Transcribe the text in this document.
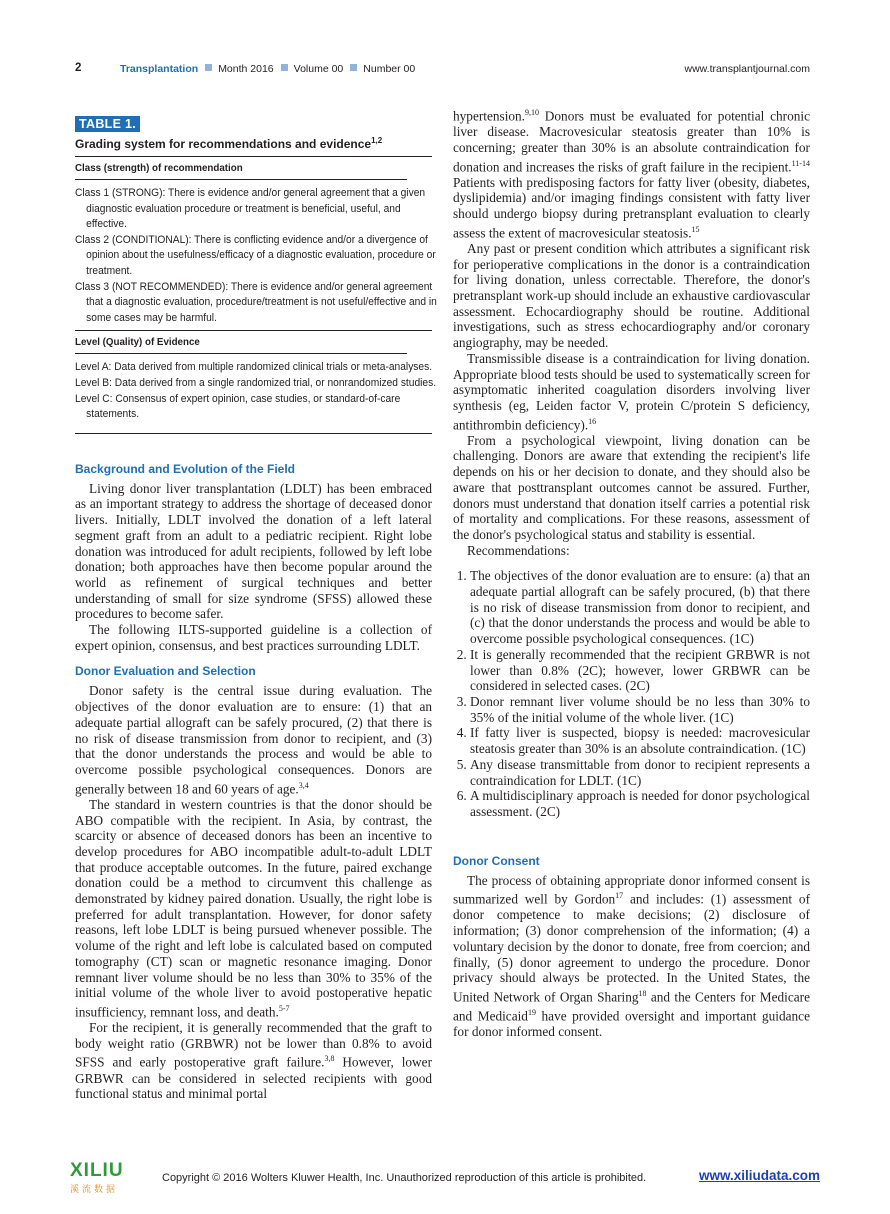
2	Transplantation Month 2016 Volume 00 Number 00	www.transplantjournal.com
TABLE 1.
Grading system for recommendations and evidence$^{1,2}$
Class (strength) of recommendation
Class 1 (STRONG): There is evidence and/or general agreement that a given diagnostic evaluation procedure or treatment is beneficial, useful, and effective.
Class 2 (CONDITIONAL): There is conflicting evidence and/or a divergence of opinion about the usefulness/efficacy of a diagnostic evaluation, procedure or treatment.
Class 3 (NOT RECOMMENDED): There is evidence and/or general agreement that a diagnostic evaluation, procedure/treatment is not useful/effective and in some cases may be harmful.
Level (Quality) of Evidence
Level A: Data derived from multiple randomized clinical trials or meta-analyses.
Level B: Data derived from a single randomized trial, or nonrandomized studies.
Level C: Consensus of expert opinion, case studies, or standard-of-care statements.
Background and Evolution of the Field

Living donor liver transplantation (LDLT) has been embraced as an important strategy to address the shortage of deceased donor livers. Initially, LDLT involved the donation of a left lateral segment graft from an adult to a pediatric recipient. Right lobe donation was introduced for adult recipients, followed by left lobe donation; both approaches have then become popular around the world as refinement of surgical techniques and better understanding of small for size syndrome (SFSS) allowed these procedures to become safer.

The following ILTS-supported guideline is a collection of expert opinion, consensus, and best practices surrounding LDLT.

Donor Evaluation and Selection

Donor safety is the central issue during evaluation. The objectives of the donor evaluation are to ensure: (1) that an adequate partial allograft can be safely procured, (2) that there is no risk of disease transmission from donor to recipient, and (3) that the donor understands the process and would be able to overcome possible psychological consequences. Donors are generally between 18 and 60 years of age.$^{3,4}$

The standard in western countries is that the donor should be ABO compatible with the recipient. In Asia, by contrast, the scarcity or absence of deceased donors has been an incentive to develop procedures for ABO incompatible adult-to-adult LDLT that produce acceptable outcomes. In the future, paired exchange donation could be a method to circumvent this challenge as demonstrated by kidney paired donation. Usually, the right lobe is preferred for adult transplantation. However, for donor safety reasons, left lobe LDLT is being pursued whenever possible. The volume of the right and left lobe is calculated based on computed tomography (CT) scan or magnetic resonance imaging. Donor remnant liver volume should be no less than 30% to 35% of the initial volume of the whole liver to avoid postoperative hepatic insufficiency, remnant loss, and death.$^{5-7}$

For the recipient, it is generally recommended that the graft to body weight ratio (GRBWR) not be lower than 0.8% to avoid SFSS and early postoperative graft failure.$^{3,8}$ However, lower GRBWR can be considered in selected recipients with good functional status and minimal portal

hypertension.$^{9,10}$ Donors must be evaluated for potential chronic liver disease. Macrovesicular steatosis greater than 10% is concerning; greater than 30% is an absolute contraindication for donation and increases the risks of graft failure in the recipient.$^{11-14}$ Patients with predisposing factors for fatty liver (obesity, diabetes, dyslipidemia) and/or imaging findings consistent with fatty liver should undergo biopsy during pretransplant evaluation to clearly assess the extent of macrovesicular steatosis.$^{15}$

Any past or present condition which attributes a significant risk for perioperative complications in the donor is a contraindication for living donation, unless correctable. Therefore, the donor's pretransplant work-up should include an exhaustive cardiovascular assessment. Echocardiography should be routine. Additional investigations, such as stress echocardiography and/or coronary angiography, may be needed.

Transmissible disease is a contraindication for living donation. Appropriate blood tests should be used to systematically screen for asymptomatic inherited coagulation disorders involving liver synthesis (eg, Leiden factor V, protein C/protein S deficiency, antithrombin deficiency).$^{16}$

From a psychological viewpoint, living donation can be challenging. Donors are aware that extending the recipient's life depends on his or her decision to donate, and they should also be aware that posttransplant outcomes cannot be assured. Further, donors must understand that donation itself carries a potential risk of mortality and complications. For these reasons, assessment of the donor's psychological status and stability is essential.

Recommendations:

1. The objectives of the donor evaluation are to ensure: (a) that an adequate partial allograft can be safely procured, (b) that there is no risk of disease transmission from donor to recipient, and (c) that the donor understands the process and would be able to overcome possible psychological consequences. (1C)
2. It is generally recommended that the recipient GRBWR is not lower than 0.8% (2C); however, lower GRBWR can be considered in selected cases. (2C)
3. Donor remnant liver volume should be no less than 30% to 35% of the initial volume of the whole liver. (1C)
4. If fatty liver is suspected, biopsy is needed: macrovesicular steatosis greater than 30% is an absolute contraindication. (1C)
5. Any disease transmittable from donor to recipient represents a contraindication for LDLT. (1C)
6. A multidisciplinary approach is needed for donor psychological assessment. (2C)
Donor Consent

The process of obtaining appropriate donor informed consent is summarized well by Gordon$^{17}$ and includes: (1) assessment of donor competence to make decisions; (2) disclosure of information; (3) donor comprehension of the information; (4) a voluntary decision by the donor to donate, free from coercion; and finally, (5) donor agreement to undergo the procedure. Donor privacy should always be protected. In the United States, the United Network of Organ Sharing$^{18}$ and the Centers for Medicare and Medicaid$^{19}$ have provided oversight and important guidance for donor informed consent.

XILIU
溪流数据
Copyright © 2016 Wolters Kluwer Health, Inc. Unauthorized reproduction of this article is prohibited.	www.xiliudata.com
